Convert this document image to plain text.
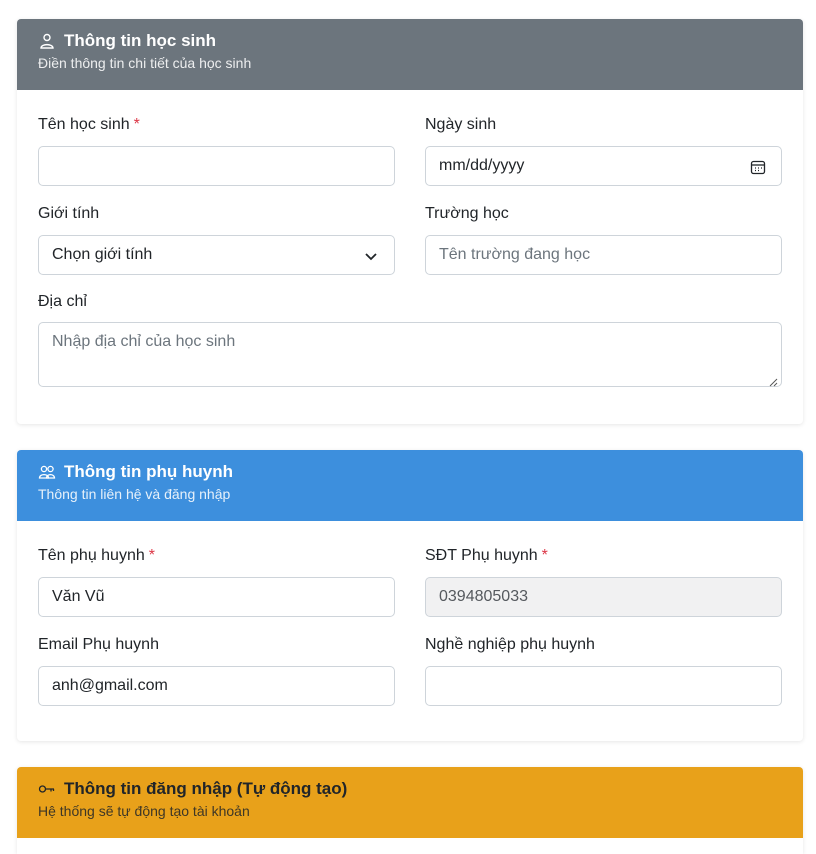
Thông tin học sinh
Điền thông tin chi tiết của học sinh
Tên học sinh *	Ngày sinh
mm/dd/yyyy
Giới tính
Chọn giới tính
Trường học
Tên trường đang học
Địa chỉ
Nhập địa chỉ của học sinh
Thông tin phụ huynh
Thông tin liên hệ và đăng nhập
Tên phụ huynh *
Văn Vũ
SĐT Phụ huynh *
0394805033
Email Phụ huynh
anh@gmail.com
Nghề nghiệp phụ huynh
Thông tin đăng nhập (Tự động tạo)
Hệ thống sẽ tự động tạo tài khoản
